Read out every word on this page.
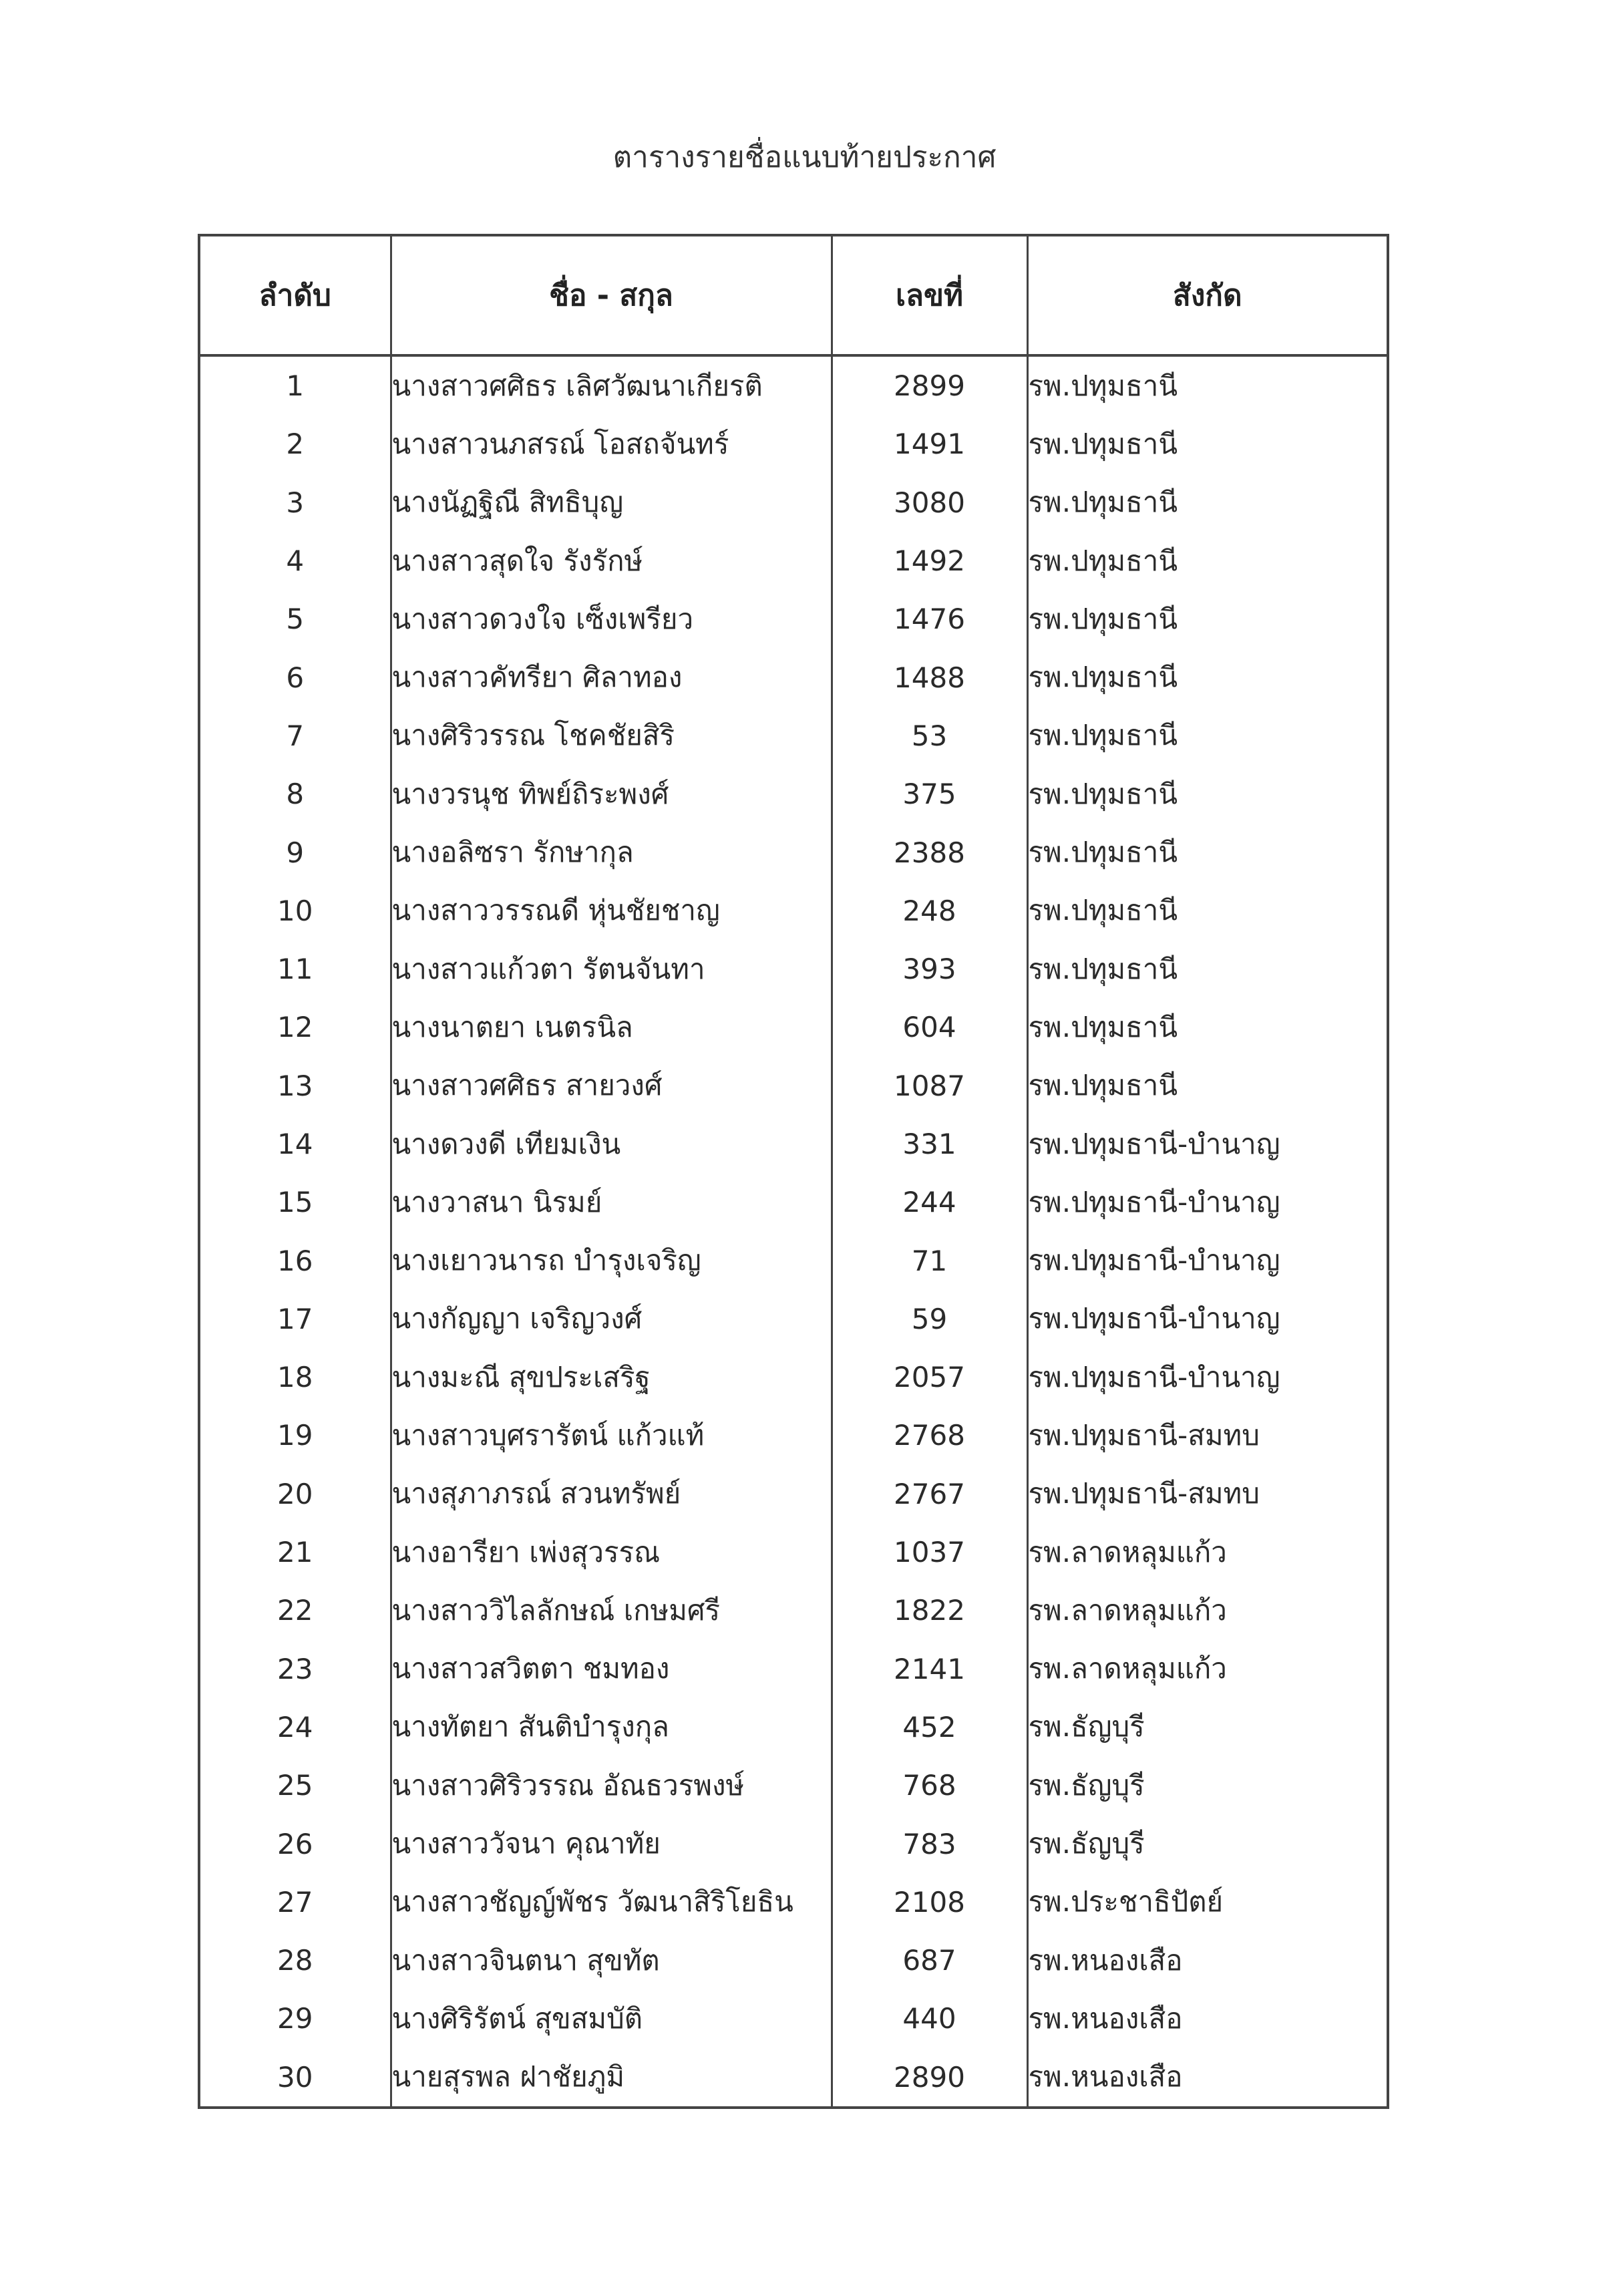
ตารางรายชื่อแนบท้ายประกาศ
ลำดับ	ชื่อ - สกุล	เลขที่	สังกัด
1	นางสาวศศิธร เลิศวัฒนาเกียรติ	2899	รพ.ปทุมธานี
2	นางสาวนภสรณ์ โอสถจันทร์	1491	รพ.ปทุมธานี
3	นางนัฏฐิณี สิทธิบุญ	3080	รพ.ปทุมธานี
4	นางสาวสุดใจ รังรักษ์	1492	รพ.ปทุมธานี
5	นางสาวดวงใจ เซ็งเพรียว	1476	รพ.ปทุมธานี
6	นางสาวคัทรียา ศิลาทอง	1488	รพ.ปทุมธานี
7	นางศิริวรรณ โชคชัยสิริ	53	รพ.ปทุมธานี
8	นางวรนุช ทิพย์ถิระพงศ์	375	รพ.ปทุมธานี
9	นางอลิซรา รักษากุล	2388	รพ.ปทุมธานี
10	นางสาววรรณดี หุ่นชัยชาญ	248	รพ.ปทุมธานี
11	นางสาวแก้วตา รัตนจันทา	393	รพ.ปทุมธานี
12	นางนาตยา เนตรนิล	604	รพ.ปทุมธานี
13	นางสาวศศิธร สายวงศ์	1087	รพ.ปทุมธานี
14	นางดวงดี เทียมเงิน	331	รพ.ปทุมธานี-บำนาญ
15	นางวาสนา นิรมย์	244	รพ.ปทุมธานี-บำนาญ
16	นางเยาวนารถ บำรุงเจริญ	71	รพ.ปทุมธานี-บำนาญ
17	นางกัญญา เจริญวงศ์	59	รพ.ปทุมธานี-บำนาญ
18	นางมะณี สุขประเสริฐ	2057	รพ.ปทุมธานี-บำนาญ
19	นางสาวบุศรารัตน์ แก้วแท้	2768	รพ.ปทุมธานี-สมทบ
20	นางสุภาภรณ์ สวนทรัพย์	2767	รพ.ปทุมธานี-สมทบ
21	นางอารียา เพ่งสุวรรณ	1037	รพ.ลาดหลุมแก้ว
22	นางสาววิไลลักษณ์ เกษมศรี	1822	รพ.ลาดหลุมแก้ว
23	นางสาวสวิตตา ชมทอง	2141	รพ.ลาดหลุมแก้ว
24	นางทัตยา สันติบำรุงกุล	452	รพ.ธัญบุรี
25	นางสาวศิริวรรณ อัณธวรพงษ์	768	รพ.ธัญบุรี
26	นางสาววัจนา คุณาทัย	783	รพ.ธัญบุรี
27	นางสาวชัญญ์พัชร วัฒนาสิริโยธิน	2108	รพ.ประชาธิปัตย์
28	นางสาวจินตนา สุขทัต	687	รพ.หนองเสือ
29	นางศิริรัตน์ สุขสมบัติ	440	รพ.หนองเสือ
30	นายสุรพล ฝาชัยภูมิ	2890	รพ.หนองเสือ
